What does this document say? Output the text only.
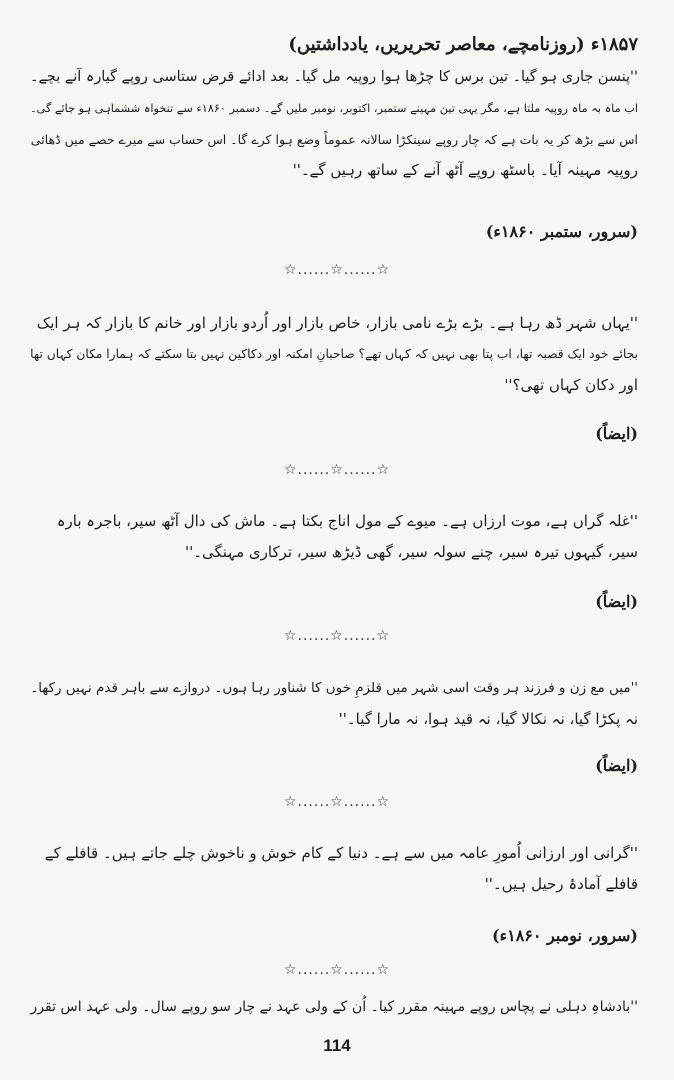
۱۸۵۷ء (روزنامچے، معاصر تحریریں، یادداشتیں)

''پنسن جاری ہو گیا۔ تین برس کا چڑھا ہوا روپیہ مل گیا۔ بعد ادائے قرض ستاسی روپے گیارہ آنے بچے۔

اب ماہ بہ ماہ روپیہ ملتا ہے، مگر یہی تین مہینے ستمبر، اکتوبر، نومبر ملیں گے۔ دسمبر ۱۸۶۰ء سے تنخواہ ششماہی ہو جائے گی۔

اس سے بڑھ کر یہ بات ہے کہ چار روپے سینکڑا سالانہ عموماً وضع ہوا کرے گا۔ اس حساب سے میرے حصے میں ڈھائی

روپیہ مہینہ آیا۔ باسٹھ روپے آٹھ آنے کے ساتھ رہیں گے۔''

(سرور، ستمبر ۱۸۶۰ء)
☆......☆......☆

''یہاں شہر ڈھ رہا ہے۔ بڑے بڑے نامی بازار، خاص بازار اور اُردو بازار اور خانم کا بازار کہ ہر ایک

بجائے خود ایک قصبہ تھا، اب پتا بھی نہیں کہ کہاں تھے؟ صاحبانِ امکنہ اور دکاکین نہیں بتا سکتے کہ ہمارا مکان کہاں تھا

اور دکان کہاں تھی؟''

(ایضاً)
☆......☆......☆

''غلہ گراں ہے، موت ارزاں ہے۔ میوے کے مول اناج بکتا ہے۔ ماش کی دال آٹھ سیر، باجرہ بارہ

سیر، گیہوں تیرہ سیر، چنے سولہ سیر، گھی ڈیڑھ سیر، ترکاری مہنگی۔''

(ایضاً)
☆......☆......☆

''میں مع زن و فرزند ہر وقت اسی شہر میں قلزمِ خوں کا شناور رہا ہوں۔ دروازے سے باہر قدم نہیں رکھا۔

نہ پکڑا گیا، نہ نکالا گیا، نہ قید ہوا، نہ مارا گیا۔''

(ایضاً)
☆......☆......☆

''گرانی اور ارزانی اُمورِ عامہ میں سے ہے۔ دنیا کے کام خوش و ناخوش چلے جاتے ہیں۔ قافلے کے

قافلے آمادۂ رحیل ہیں۔''

(سرور، نومبر ۱۸۶۰ء)
☆......☆......☆

''بادشاہِ دہلی نے پچاس روپے مہینہ مقرر کیا۔ اُن کے ولی عہد نے چار سو روپے سال۔ ولی عہد اس تقرر

114
